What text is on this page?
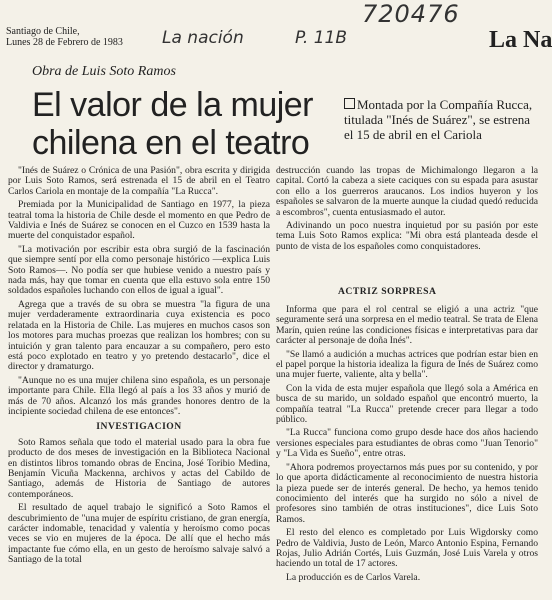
Santiago de Chile,
Lunes 28 de Febrero de 1983
720476
La nación	P. 11B	La Na
Obra de Luis Soto Ramos
El valor de la mujer
chilena en el teatro
Montada por la Compañía Rucca, titulada "Inés de Suárez", se estrena el 15 de abril en el Cariola

"Inés de Suárez o Crónica de una Pasión", obra escrita y dirigida por Luis Soto Ramos, será estrenada el 15 de abril en el Teatro Carlos Cariola en montaje de la compañía "La Rucca".

Premiada por la Municipalidad de Santiago en 1977, la pieza teatral toma la historia de Chile desde el momento en que Pedro de Valdivia e Inés de Suárez se conocen en el Cuzco en 1539 hasta la muerte del conquistador español.

"La motivación por escribir esta obra surgió de la fascinación que siempre sentí por ella como personaje histórico —explica Luis Soto Ramos—. No podía ser que hubiese venido a nuestro país y nada más, hay que tomar en cuenta que ella estuvo sola entre 150 soldados españoles luchando con ellos de igual a igual".

Agrega que a través de su obra se muestra "la figura de una mujer verdaderamente extraordinaria cuya existencia es poco relatada en la Historia de Chile. Las mujeres en muchos casos son los motores para muchas proezas que realizan los hombres; con su intuición y gran talento para encauzar a su compañero, pero esto está poco explotado en teatro y yo pretendo destacarlo", dice el director y dramaturgo.

"Aunque no es una mujer chilena sino española, es un personaje importante para Chile. Ella llegó al país a los 33 años y murió de más de 70 años. Alcanzó los más grandes honores dentro de la incipiente sociedad chilena de ese entonces".

INVESTIGACION

Soto Ramos señala que todo el material usado para la obra fue producto de dos meses de investigación en la Biblioteca Nacional en distintos libros tomando obras de Encina, José Toribio Medina, Benjamín Vicuña Mackenna, archivos y actas del Cabildo de Santiago, además de Historia de Santiago de autores contemporáneos.

El resultado de aquel trabajo le significó a Soto Ramos el descubrimiento de "una mujer de espíritu cristiano, de gran energía, carácter indomable, tenacidad y valentía y heroísmo como pocas veces se vio en mujeres de la época. De allí que el hecho más impactante fue cómo ella, en un gesto de heroísmo salvaje salvó a Santiago de la total

destrucción cuando las tropas de Michimalongo llegaron a la capital. Cortó la cabeza a siete caciques con su espada para asustar con ello a los guerreros araucanos. Los indios huyeron y los españoles se salvaron de la muerte aunque la ciudad quedó reducida a escombros", cuenta entusiasmado el autor.

Adivinando un poco nuestra inquietud por su pasión por este tema Luis Soto Ramos explica: "Mi obra está planteada desde el punto de vista de los españoles como conquistadores.

ACTRIZ SORPRESA

Informa que para el rol central se eligió a una actriz "que seguramente será una sorpresa en el medio teatral. Se trata de Elena Marín, quien reúne las condiciones físicas e interpretativas para dar carácter al personaje de doña Inés".

"Se llamó a audición a muchas actrices que podrían estar bien en el papel porque la historia idealiza la figura de Inés de Suárez como una mujer fuerte, valiente, alta y bella".

Con la vida de esta mujer española que llegó sola a América en busca de su marido, un soldado español que encontró muerto, la compañía teatral "La Rucca" pretende crecer para llegar a todo público.

"La Rucca" funciona como grupo desde hace dos años haciendo versiones especiales para estudiantes de obras como "Juan Tenorio" y "La Vida es Sueño", entre otras.

"Ahora podremos proyectarnos más pues por su contenido, y por lo que aporta didácticamente al reconocimiento de nuestra historia la pieza puede ser de interés general. De hecho, ya hemos tenido conocimiento del interés que ha surgido no sólo a nivel de profesores sino también de otras instituciones", dice Luis Soto Ramos.

El resto del elenco es completado por Luis Wigdorsky como Pedro de Valdivia, Justo de León, Marco Antonio Espina, Fernando Rojas, Julio Adrián Cortés, Luis Guzmán, José Luis Varela y otros haciendo un total de 17 actores.

La producción es de Carlos Varela.
